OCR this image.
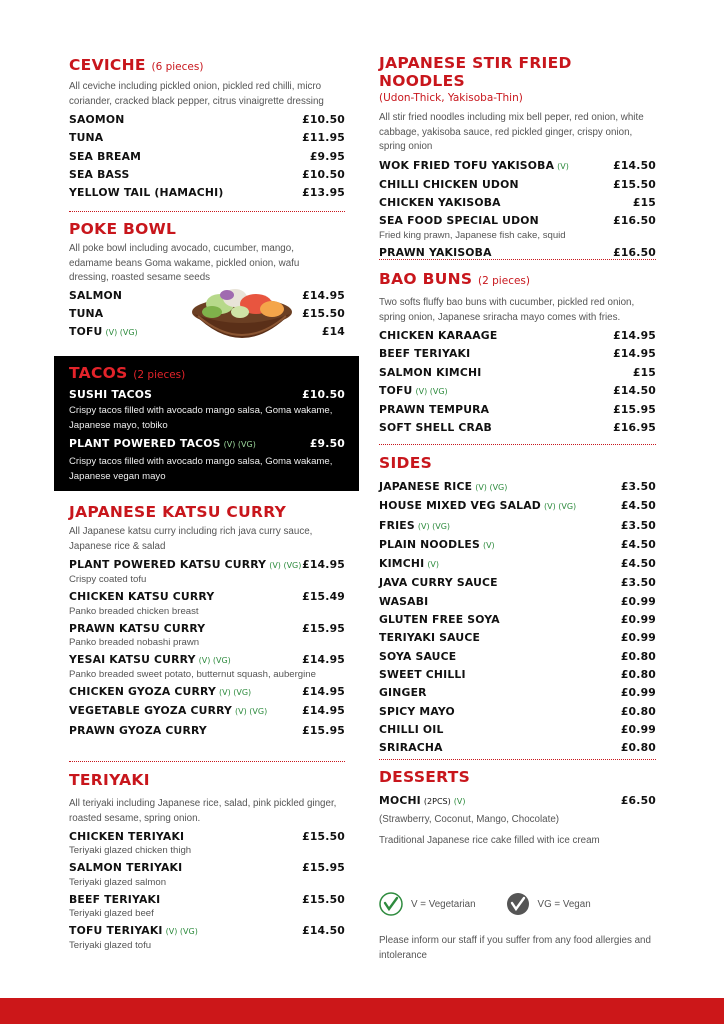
CEVICHE (6 pieces)
All ceviche including pickled onion, pickled red chilli, micro coriander, cracked black pepper, citrus vinaigrette dressing
SAOMON	£10.50
TUNA	£11.95
SEA BREAM	£9.95
SEA BASS	£10.50
YELLOW TAIL (HAMACHI)	£13.95
POKE BOWL
All poke bowl including avocado, cucumber, mango, edamame beans Goma wakame, pickled onion, wafu dressing, roasted sesame seeds
SALMON	£14.95
TUNA	£15.50
TOFU (V) (VG)	£14
TACOS (2 pieces)
SUSHI TACOS	£10.50
Crispy tacos filled with avocado mango salsa, Goma wakame, Japanese mayo, tobiko
PLANT POWERED TACOS (V) (VG)	£9.50
Crispy tacos filled with avocado mango salsa, Goma wakame, Japanese vegan mayo
JAPANESE KATSU CURRY
All Japanese katsu curry including rich java curry sauce, Japanese rice & salad
PLANT POWERED KATSU CURRY (V) (VG) £14.95
Crispy coated tofu
CHICKEN KATSU CURRY	£15.49
Panko breaded chicken breast
PRAWN KATSU CURRY	£15.95
Panko breaded nobashi prawn
YESAI KATSU CURRY (V) (VG)	£14.95
Panko breaded sweet potato, butternut squash, aubergine
CHICKEN GYOZA CURRY (V) (VG)	£14.95
VEGETABLE GYOZA CURRY (V) (VG)	£14.95
PRAWN GYOZA CURRY	£15.95
TERIYAKI
All teriyaki including Japanese rice, salad, pink pickled ginger, roasted sesame, spring onion.
CHICKEN TERIYAKI	£15.50
Teriyaki glazed chicken thigh
SALMON TERIYAKI	£15.95
Teriyaki glazed salmon
BEEF TERIYAKI	£15.50
Teriyaki glazed beef
TOFU TERIYAKI (V) (VG)	£14.50
Teriyaki glazed tofu
JAPANESE STIR FRIED NOODLES
(Udon-Thick, Yakisoba-Thin)
All stir fried noodles including mix bell peper, red onion, white cabbage, yakisoba sauce, red pickled ginger, crispy onion, spring onion
WOK FRIED TOFU YAKISOBA (V)	£14.50
CHILLI CHICKEN UDON	£15.50
CHICKEN YAKISOBA	£15
SEA FOOD SPECIAL UDON	£16.50
Fried king prawn, Japanese fish cake, squid
PRAWN YAKISOBA	£16.50
BAO BUNS (2 pieces)
Two softs fluffy bao buns with cucumber, pickled red onion, spring onion, Japanese sriracha mayo comes with fries.
CHICKEN KARAAGE	£14.95
BEEF TERIYAKI	£14.95
SALMON KIMCHI	£15
TOFU (V) (VG)	£14.50
PRAWN TEMPURA	£15.95
SOFT SHELL CRAB	£16.95
SIDES
JAPANESE RICE (V) (VG)	£3.50
HOUSE MIXED VEG SALAD (V) (VG)	£4.50
FRIES (V) (VG)	£3.50
PLAIN NOODLES (V)	£4.50
KIMCHI (V)	£4.50
JAVA CURRY SAUCE	£3.50
WASABI	£0.99
GLUTEN FREE SOYA	£0.99
TERIYAKI SAUCE	£0.99
SOYA SAUCE	£0.80
SWEET CHILLI	£0.80
GINGER	£0.99
SPICY MAYO	£0.80
CHILLI OIL	£0.99
SRIRACHA	£0.80
DESSERTS
MOCHI (2PCS) (V)	£6.50
(Strawberry, Coconut, Mango, Chocolate)
Traditional Japanese rice cake filled with ice cream
V = Vegetarian	VG = Vegan
Please inform our staff if you suffer from any food allergies and intolerance
